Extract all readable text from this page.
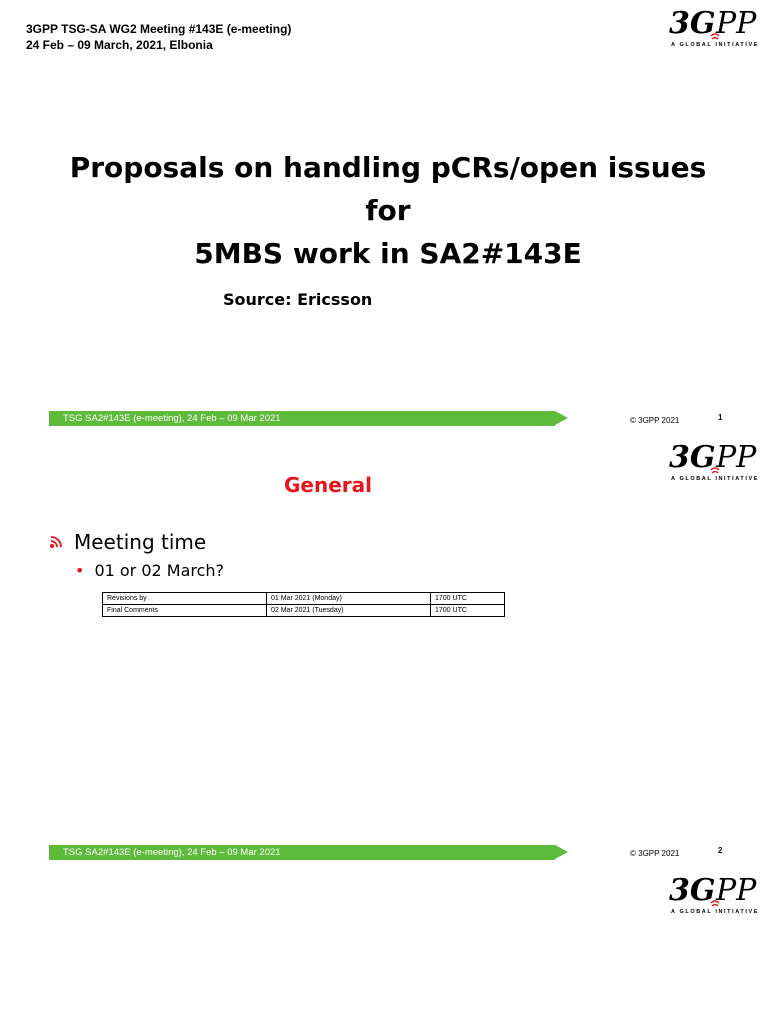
3GPP TSG-SA WG2 Meeting #143E (e-meeting)
24 Feb – 09 March, 2021, Elbonia
3G PP
A GLOBAL INITIATIVE
Proposals on handling pCRs/open issues for
5MBS work in SA2#143E
Source: Ericsson
TSG SA2#143E (e-meeting), 24 Feb – 09 Mar 2021	© 3GPP 2021	1
3G PP
A GLOBAL INITIATIVE
General
Meeting time
• 01 or 02 March?
Revisions by	01 Mar 2021 (Monday)	1700 UTC
Final Comments	02 Mar 2021 (Tuesday)	1700 UTC
TSG SA2#143E (e-meeting), 24 Feb – 09 Mar 2021	© 3GPP 2021	2
3G PP
A GLOBAL INITIATIVE
